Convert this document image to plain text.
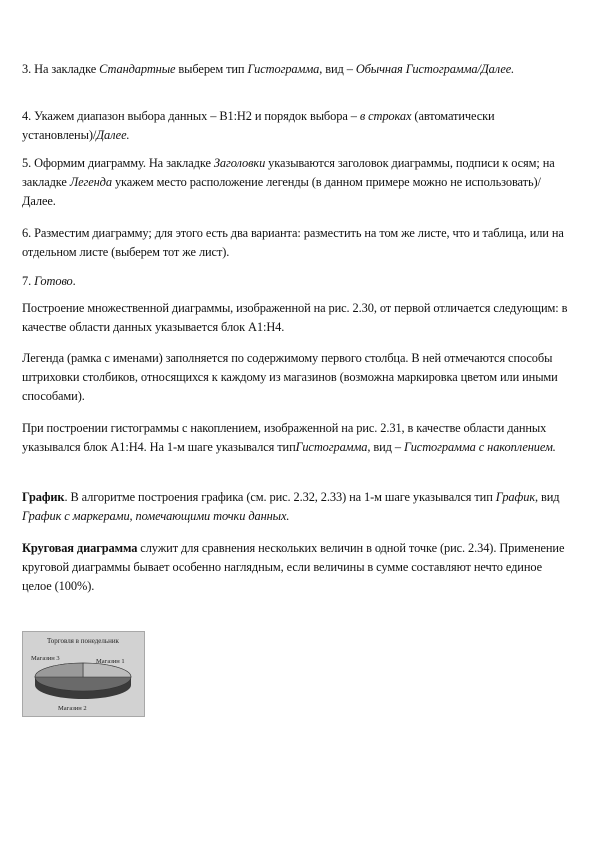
3. На закладке Стандартные выберем тип Гистограмма, вид – Обычная Гистограмма/Далее.

4. Укажем диапазон выбора данных – В1:Н2 и порядок выбора – в строках (автоматически установлены)/Далее.

5. Оформим диаграмму. На закладке Заголовки указываются заголовок диаграммы, подписи к осям; на закладке Легенда укажем место расположение легенды (в данном примере можно не использовать)/Далее.

6. Разместим диаграмму; для этого есть два варианта: разместить на том же листе, что и таблица, или на отдельном листе (выберем тот же лист).

7. Готово.

Построение множественной диаграммы, изображенной на рис. 2.30, от первой отличается следующим: в качестве области данных указывается блок А1:Н4.

Легенда (рамка с именами) заполняется по содержимому первого столбца. В ней отмечаются способы штриховки столбиков, относящихся к каждому из магазинов (возможна маркировка цветом или иными способами).

При построении гистограммы с накоплением, изображенной на рис. 2.31, в качестве области данных указывался блок А1:Н4. На 1-м шаге указывался типГистограмма, вид – Гистограмма с накоплением.

График. В алгоритме построения графика (см. рис. 2.32, 2.33) на 1-м шаге указывался тип График, вид График с маркерами, помечающими точки данных.

Круговая диаграмма служит для сравнения нескольких величин в одной точке (рис. 2.34). Применение круговой диаграммы бывает особенно наглядным, если величины в сумме составляют нечто единое целое (100%).

Торговля в понедельник
Магазин 3	Магазин 1
Магазин 2
